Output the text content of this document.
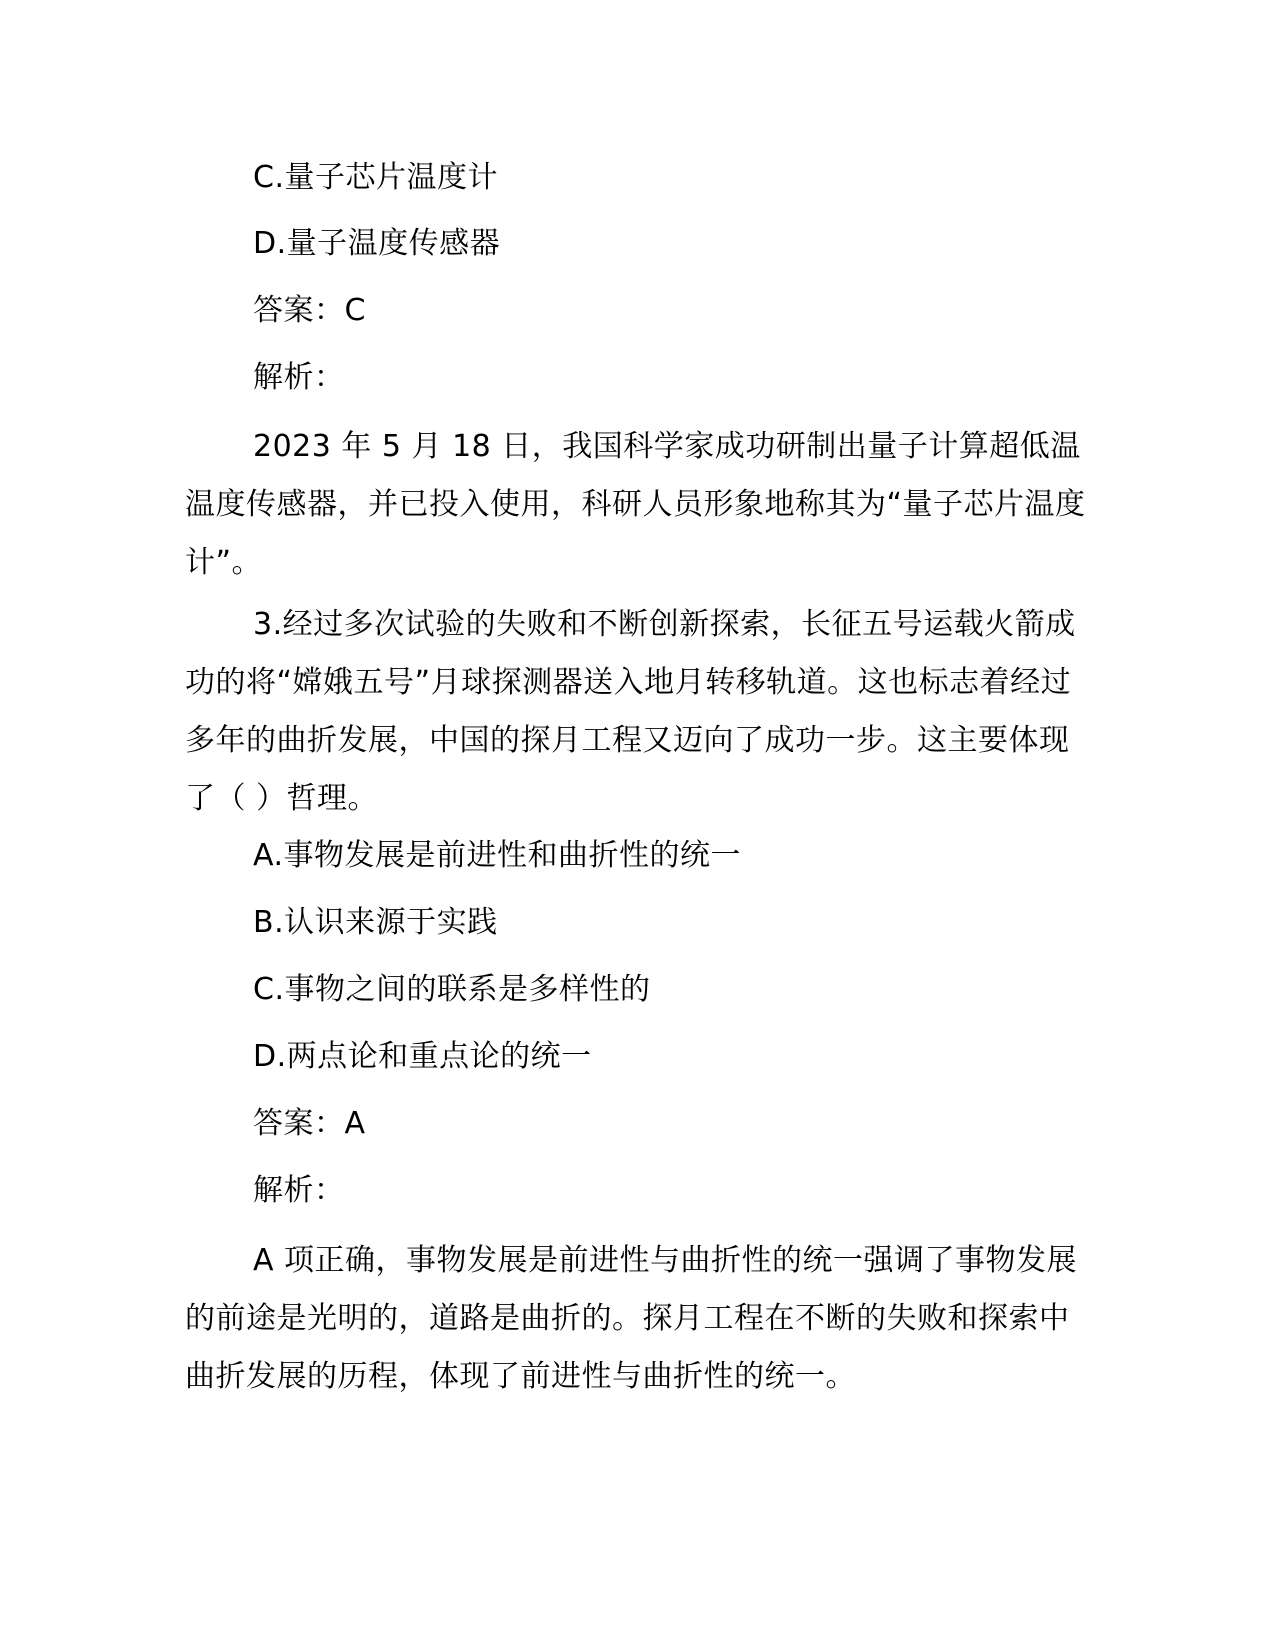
C.量子芯片温度计

D.量子温度传感器

答案：C

解析：

2023 年 5 月 18 日，我国科学家成功研制出量子计算超低温温度传感器，并已投入使用，科研人员形象地称其为“量子芯片温度计”。

3.经过多次试验的失败和不断创新探索，长征五号运载火箭成功的将“嫦娥五号”月球探测器送入地月转移轨道。这也标志着经过多年的曲折发展，中国的探月工程又迈向了成功一步。这主要体现了（ ）哲理。

A.事物发展是前进性和曲折性的统一

B.认识来源于实践

C.事物之间的联系是多样性的

D.两点论和重点论的统一

答案：A

解析：

A 项正确，事物发展是前进性与曲折性的统一强调了事物发展的前途是光明的，道路是曲折的。探月工程在不断的失败和探索中曲折发展的历程，体现了前进性与曲折性的统一。
